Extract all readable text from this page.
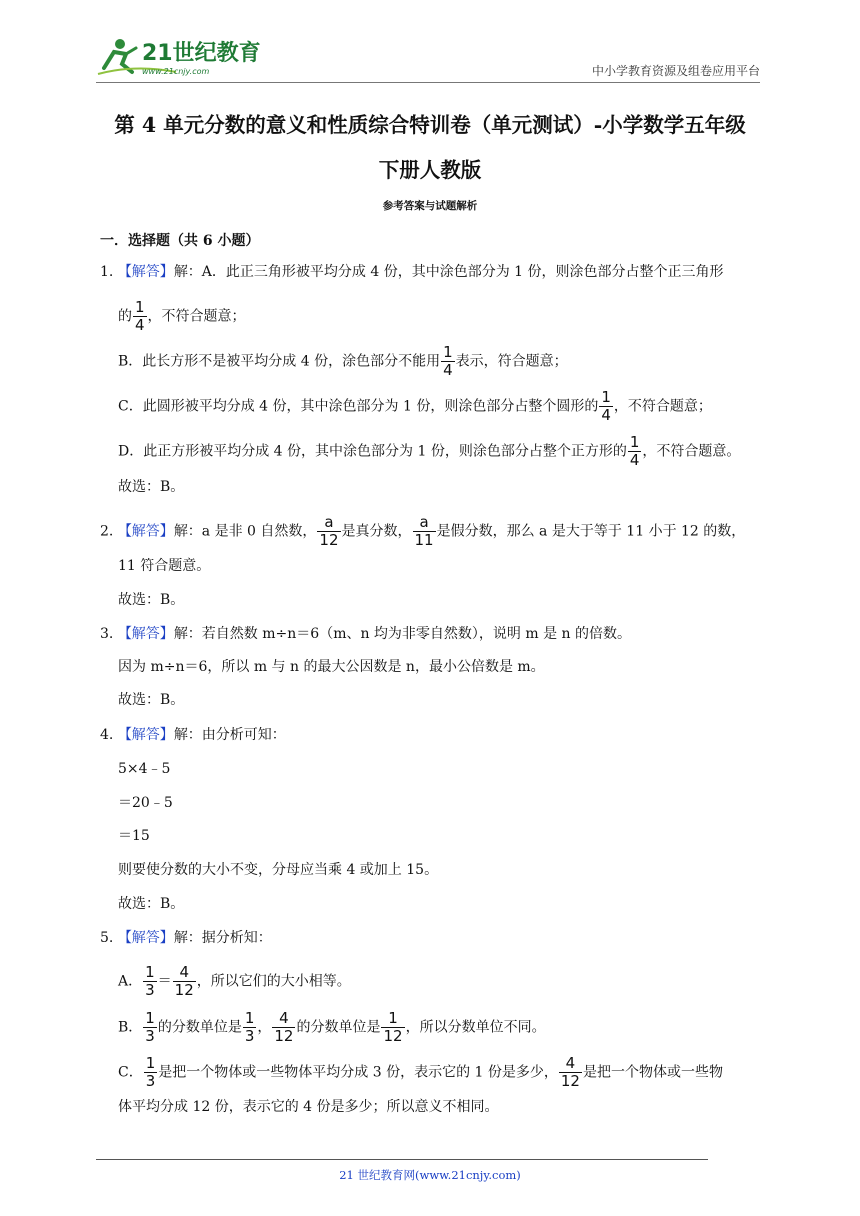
21世纪教育
www.21cnjy.com	中小学教育资源及组卷应用平台
第 4 单元分数的意义和性质综合特训卷（单元测试）-小学数学五年级
下册人教版
参考答案与试题解析
一．选择题（共 6 小题）
1. 【解答】解：A．此正三角形被平均分成 4 份，其中涂色部分为 1 份，则涂色部分占整个正三角形
的 $\frac{1}{4}$ ，不符合题意；
B．此长方形不是被平均分成 4 份，涂色部分不能用 $\frac{1}{4}$ 表示，符合题意；
C．此圆形被平均分成 4 份，其中涂色部分为 1 份，则涂色部分占整个圆形的 $\frac{1}{4}$ ，不符合题意；
D．此正方形被平均分成 4 份，其中涂色部分为 1 份，则涂色部分占整个正方形的 $\frac{1}{4}$ ，不符合题意。
故选：B。
2. 【解答】解：a 是非 0 自然数， $\frac{a}{12}$ 是真分数， $\frac{a}{11}$ 是假分数，那么 a 是大于等于 11 小于 12 的数，
11 符合题意。
故选：B。
3. 【解答】解：若自然数 m÷n＝6（m、n 均为非零自然数），说明 m 是 n 的倍数。
因为 m÷n＝6，所以 m 与 n 的最大公因数是 n，最小公倍数是 m。
故选：B。
4. 【解答】解：由分析可知：
5×4﹣5
＝20﹣5
＝15
则要使分数的大小不变，分母应当乘 4 或加上 15。
故选：B。
5. 【解答】解：据分析知：
A． $\frac{1}{3} = \frac{4}{12}$ ，所以它们的大小相等。
B． $\frac{1}{3}$ 的分数单位是 $\frac{1}{3}$ ， $\frac{4}{12}$ 的分数单位是 $\frac{1}{12}$ ，所以分数单位不同。
C． $\frac{1}{3}$ 是把一个物体或一些物体平均分成 3 份，表示它的 1 份是多少， $\frac{4}{12}$ 是把一个物体或一些物
体平均分成 12 份，表示它的 4 份是多少；所以意义不相同。
21 世纪教育网(www.21cnjy.com)
